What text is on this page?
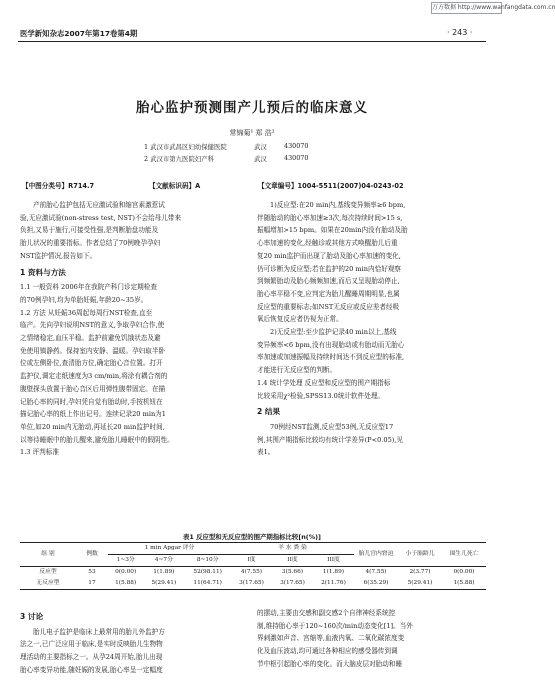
万方数据 http://www.wanfangdata.com.cn
医学新知杂志2007年第17卷第4期	· 243 ·
胎心监护预测围产儿预后的临床意义
常锦菊¹ 郑 浩²
1 武汉市武昌区妇幼保健医院	武汉	430070
2 武汉市第九医院妇产科	武汉	430070
【中图分类号】R714.7	【文献标识码】A	【文章编号】1004-5511(2007)04-0243-02

产前胎心监护包括无应激试验和缩宫素激惹试

验,无应激试验(non-stress test, NST)不会给母儿带来

负担,又易于施行,可接受性强,是判断胎盘功能及

胎儿状况的重要指标。作者总结了70例晚孕孕妇

NST监护情况,报告如下。

1 资料与方法

1.1 一般资料 2006年在我院产科门诊定期检查

的70例孕妇,均为单胎妊娠,年龄20~35岁。

1.2 方法 从妊娠36周起每周行NST检查,直至

临产。先向孕妇说明NST的意义,争取孕妇合作,使

之情绪稳定,血压平稳。监护前避免饥饿状态及避

免使用镇静药。保持室内安静、温暖。孕妇取半卧

位或左侧卧位,查清胎方位,确定胎心音位置。打开

监护仪,调定走纸速度为3 cm/min,将涂有耦合剂的

腹壁探头放置于胎心音区后用弹性腹带固定。在描

记胎心率的同时,孕妇凭自觉有胎动时,手按机钮在

描记胎心率的纸上作出记号。连续记录20 min为1

单位,如20 min内无胎动,再延长20 min监护时间,

以等待睡眠中的胎儿醒来,避免胎儿睡眠中的假阴性。

1.3 评判标准

1)反应型:在20 min内,基线变异频率≥6 bpm,

伴随胎动的胎心率加速≥3次,每次持续时间>15 s,

振幅增加>15 bpm。如果在20min内没有胎动及胎

心率加速的变化,经触诊或其他方式唤醒胎儿后重

复20 min监护而出现了胎动及胎心率加速的变化,

仍可诊断为反应型;若在监护的20 min内恰好观察

到频繁胎动及胎心频频加速,而后又呈现胎动停止,

胎心率平稳不变,应判定为胎儿醒睡周期明显,也属

反应型的重要标志;如NST无反应或反应差者经吸

氧后恢复反应者仍视为正常。

2)无反应型:至少监护记录40 min以上,基线

变异频率<6 bpm,没有出现胎动或有胎动而无胎心

率加速或加速振幅及持续时间达不到反应型的标准,

才能进行无反应型的判断。

1.4 统计学处理 反应型和反应型的围产期指标

比较采用χ²检验,SPSS13.0统计软件处理。

2 结果

70例经NST监测,反应型53例,无反应型17

例,其围产期指标比较均有统计学差异(P<0.05),见

表1。

表1 反应型和无反应型的围产期指标比较[n(%)]
组 别	例数	1 min Apgar 评分			羊 水 粪 染			胎儿宫内窘迫	小于胎龄儿	围生儿死亡
		1~3分	4~7分	8~10分	I度	II度	III度			
反应型	53	0(0.00)	1(1.89)	52(98.11)	4(7.55)	3(5.66)	1(1.89)	4(7.55)	2(3.77)	0(0.00)
无反应型	17	1(5.88)	5(29.41)	11(64.71)	3(17.65)	3(17.65)	2(11.76)	6(35.29)	5(29.41)	1(5.88)

3 讨论

胎儿电子监护是临床上最常用的胎儿外监护方

法之一,已广泛应用于临床,是实时反映胎儿生物物

理活动的主要指标之一。从孕24周开始,胎儿出现

胎心率变异功能,随妊娠的发展,胎心率呈一定幅度

的摆动,主要由交感和副交感2个自律神经系统控

制,维持胎心率于120~160次/min动态变化[1]。当外

界刺激如声音、宫缩等,血液内氧、二氧化碳浓度变

化及血压波动,均可通过各种相应的感受器传到调

节中枢引起胎心率的变化。而大脑皮层对胎动和睡
